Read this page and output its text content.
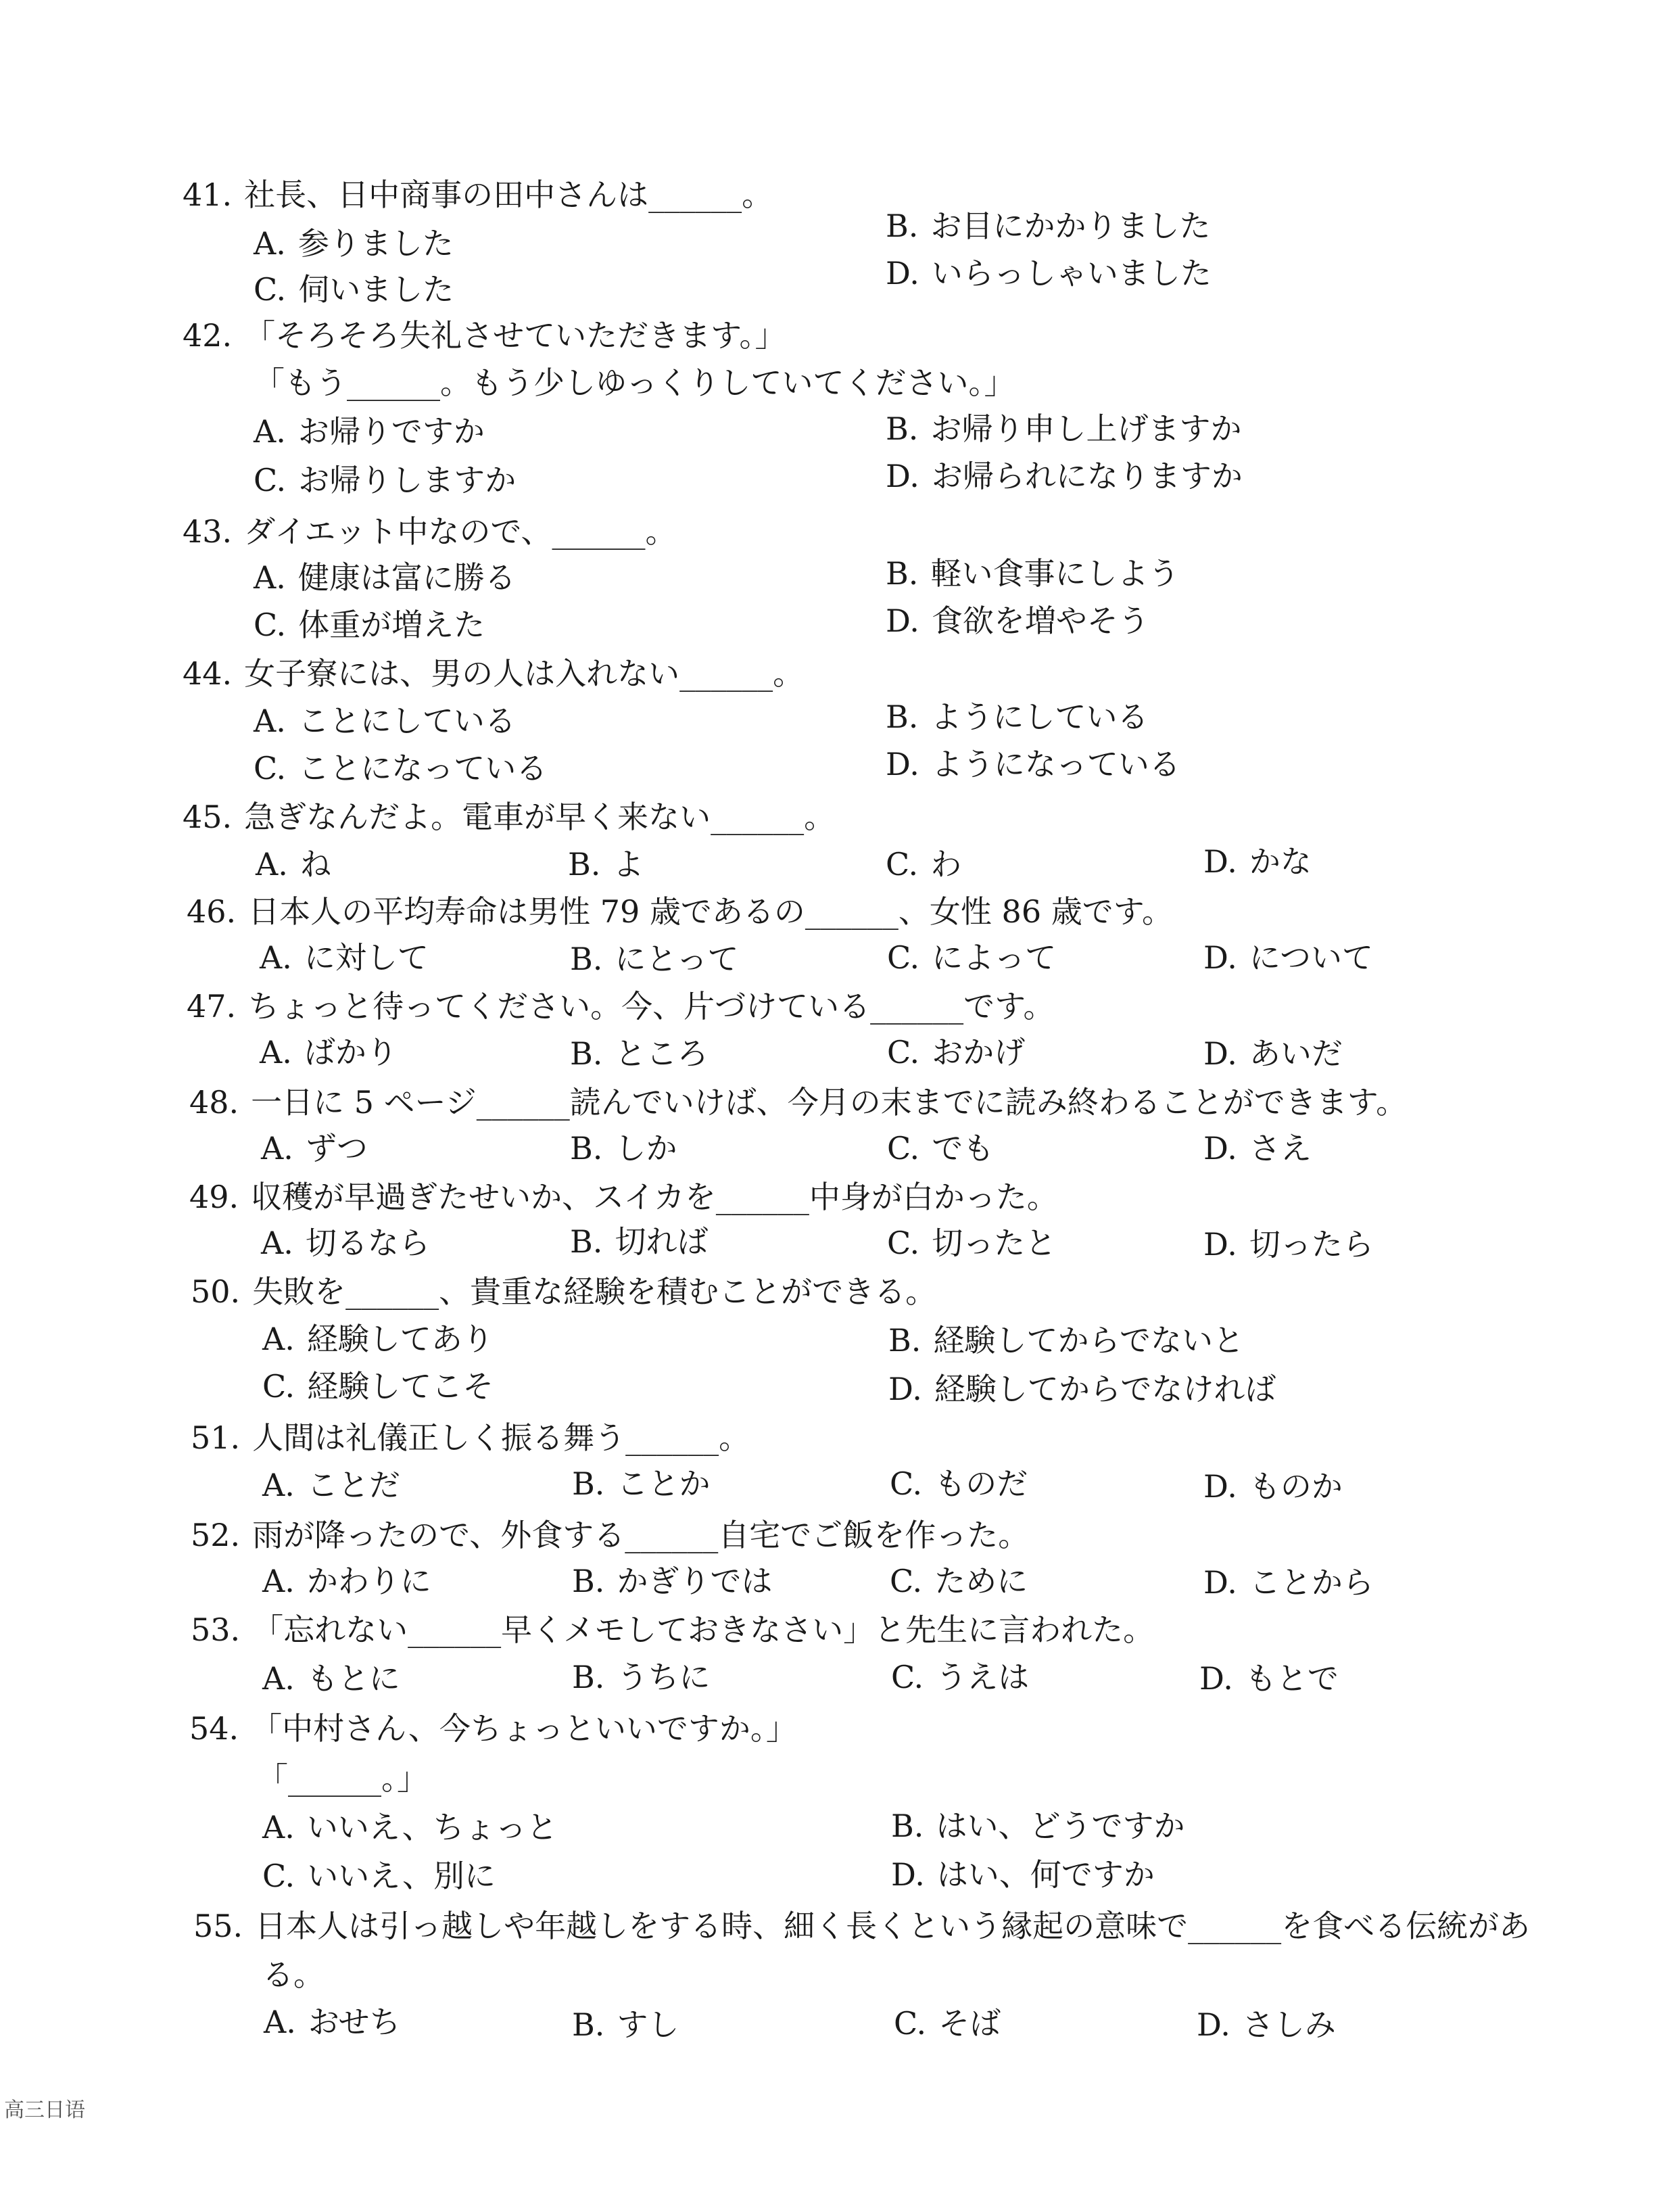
41. 社長、日中商事の田中さんは______。
A. 参りました	B. お目にかかりました
C. 伺いました	D. いらっしゃいました
42. 「そろそろ失礼させていただきます。」
「もう______。もう少しゆっくりしていてください。」
A. お帰りですか	B. お帰り申し上げますか
C. お帰りしますか	D. お帰られになりますか
43. ダイエット中なので、______。
A. 健康は富に勝る	B. 軽い食事にしよう
C. 体重が増えた	D. 食欲を増やそう
44. 女子寮には、男の人は入れない______。
A. ことにしている	B. ようにしている
C. ことになっている	D. ようになっている
45. 急ぎなんだよ。電車が早く来ない______。
A. ね	B. よ	C. わ	D. かな
46. 日本人の平均寿命は男性 79 歳であるの______、女性 86 歳です。
A. に対して	B. にとって	C. によって	D. について
47. ちょっと待ってください。今、片づけている______です。
A. ばかり	B. ところ	C. おかげ	D. あいだ
48. 一日に 5 ページ______読んでいけば、今月の末までに読み終わることができます。
A. ずつ	B. しか	C. でも	D. さえ
49. 収穫が早過ぎたせいか、スイカを______中身が白かった。
A. 切るなら	B. 切れば	C. 切ったと	D. 切ったら
50. 失敗を______、貴重な経験を積むことができる。
A. 経験してあり	B. 経験してからでないと
C. 経験してこそ	D. 経験してからでなければ
51. 人間は礼儀正しく振る舞う______。
A. ことだ	B. ことか	C. ものだ	D. ものか
52. 雨が降ったので、外食する______自宅でご飯を作った。
A. かわりに	B. かぎりでは	C. ために	D. ことから
53. 「忘れない______早くメモしておきなさい」と先生に言われた。
A. もとに	B. うちに	C. うえは	D. もとで
54. 「中村さん、今ちょっといいですか。」
「______。」
A. いいえ、ちょっと	B. はい、どうですか
C. いいえ、別に	D. はい、何ですか
55. 日本人は引っ越しや年越しをする時、細く長くという縁起の意味で______を食べる伝統があ
る。
A. おせち	B. すし	C. そば	D. さしみ
高三日语
